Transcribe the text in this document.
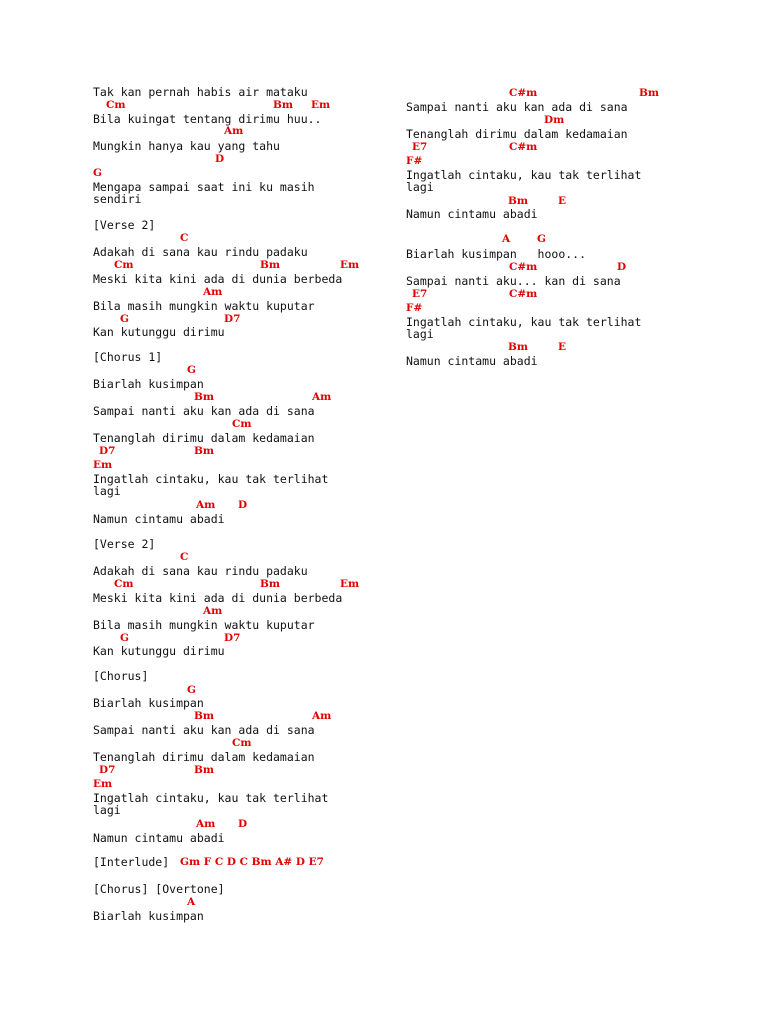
Tak kan pernah habis air mataku
Cm	Bm Em
Bila kuingat tentang dirimu huu..
Am
Mungkin hanya kau yang tahu
D
G
Mengapa sampai saat ini ku masih
sendiri
[Verse 2]
C
Adakah di sana kau rindu padaku
Cm	Bm	Em
Meski kita kini ada di dunia berbeda
Am
Bila masih mungkin waktu kuputar
G	D7
Kan kutunggu dirimu
[Chorus 1]
G
Biarlah kusimpan
Bm	Am
Sampai nanti aku kan ada di sana
Cm
Tenanglah dirimu dalam kedamaian
D7	Bm
Em
Ingatlah cintaku, kau tak terlihat
lagi
Am D
Namun cintamu abadi
[Verse 2]
C
Adakah di sana kau rindu padaku
Cm	Bm	Em
Meski kita kini ada di dunia berbeda
Am
Bila masih mungkin waktu kuputar
G	D7
Kan kutunggu dirimu
[Chorus]
G
Biarlah kusimpan
Bm	Am
Sampai nanti aku kan ada di sana
Cm
Tenanglah dirimu dalam kedamaian
D7	Bm
Em
Ingatlah cintaku, kau tak terlihat
lagi
Am D
Namun cintamu abadi
[Interlude] Gm F C D C Bm A# D E7
[Chorus] [Overtone]
A
Biarlah kusimpan
C#m	Bm
Sampai nanti aku kan ada di sana
Dm
Tenanglah dirimu dalam kedamaian
E7	C#m
F#
Ingatlah cintaku, kau tak terlihat
lagi
Bm	E
Namun cintamu abadi
A	G
Biarlah kusimpan   hooo...
C#m	D
Sampai nanti aku... kan di sana
E7	C#m
F#
Ingatlah cintaku, kau tak terlihat
lagi
Bm	E
Namun cintamu abadi
